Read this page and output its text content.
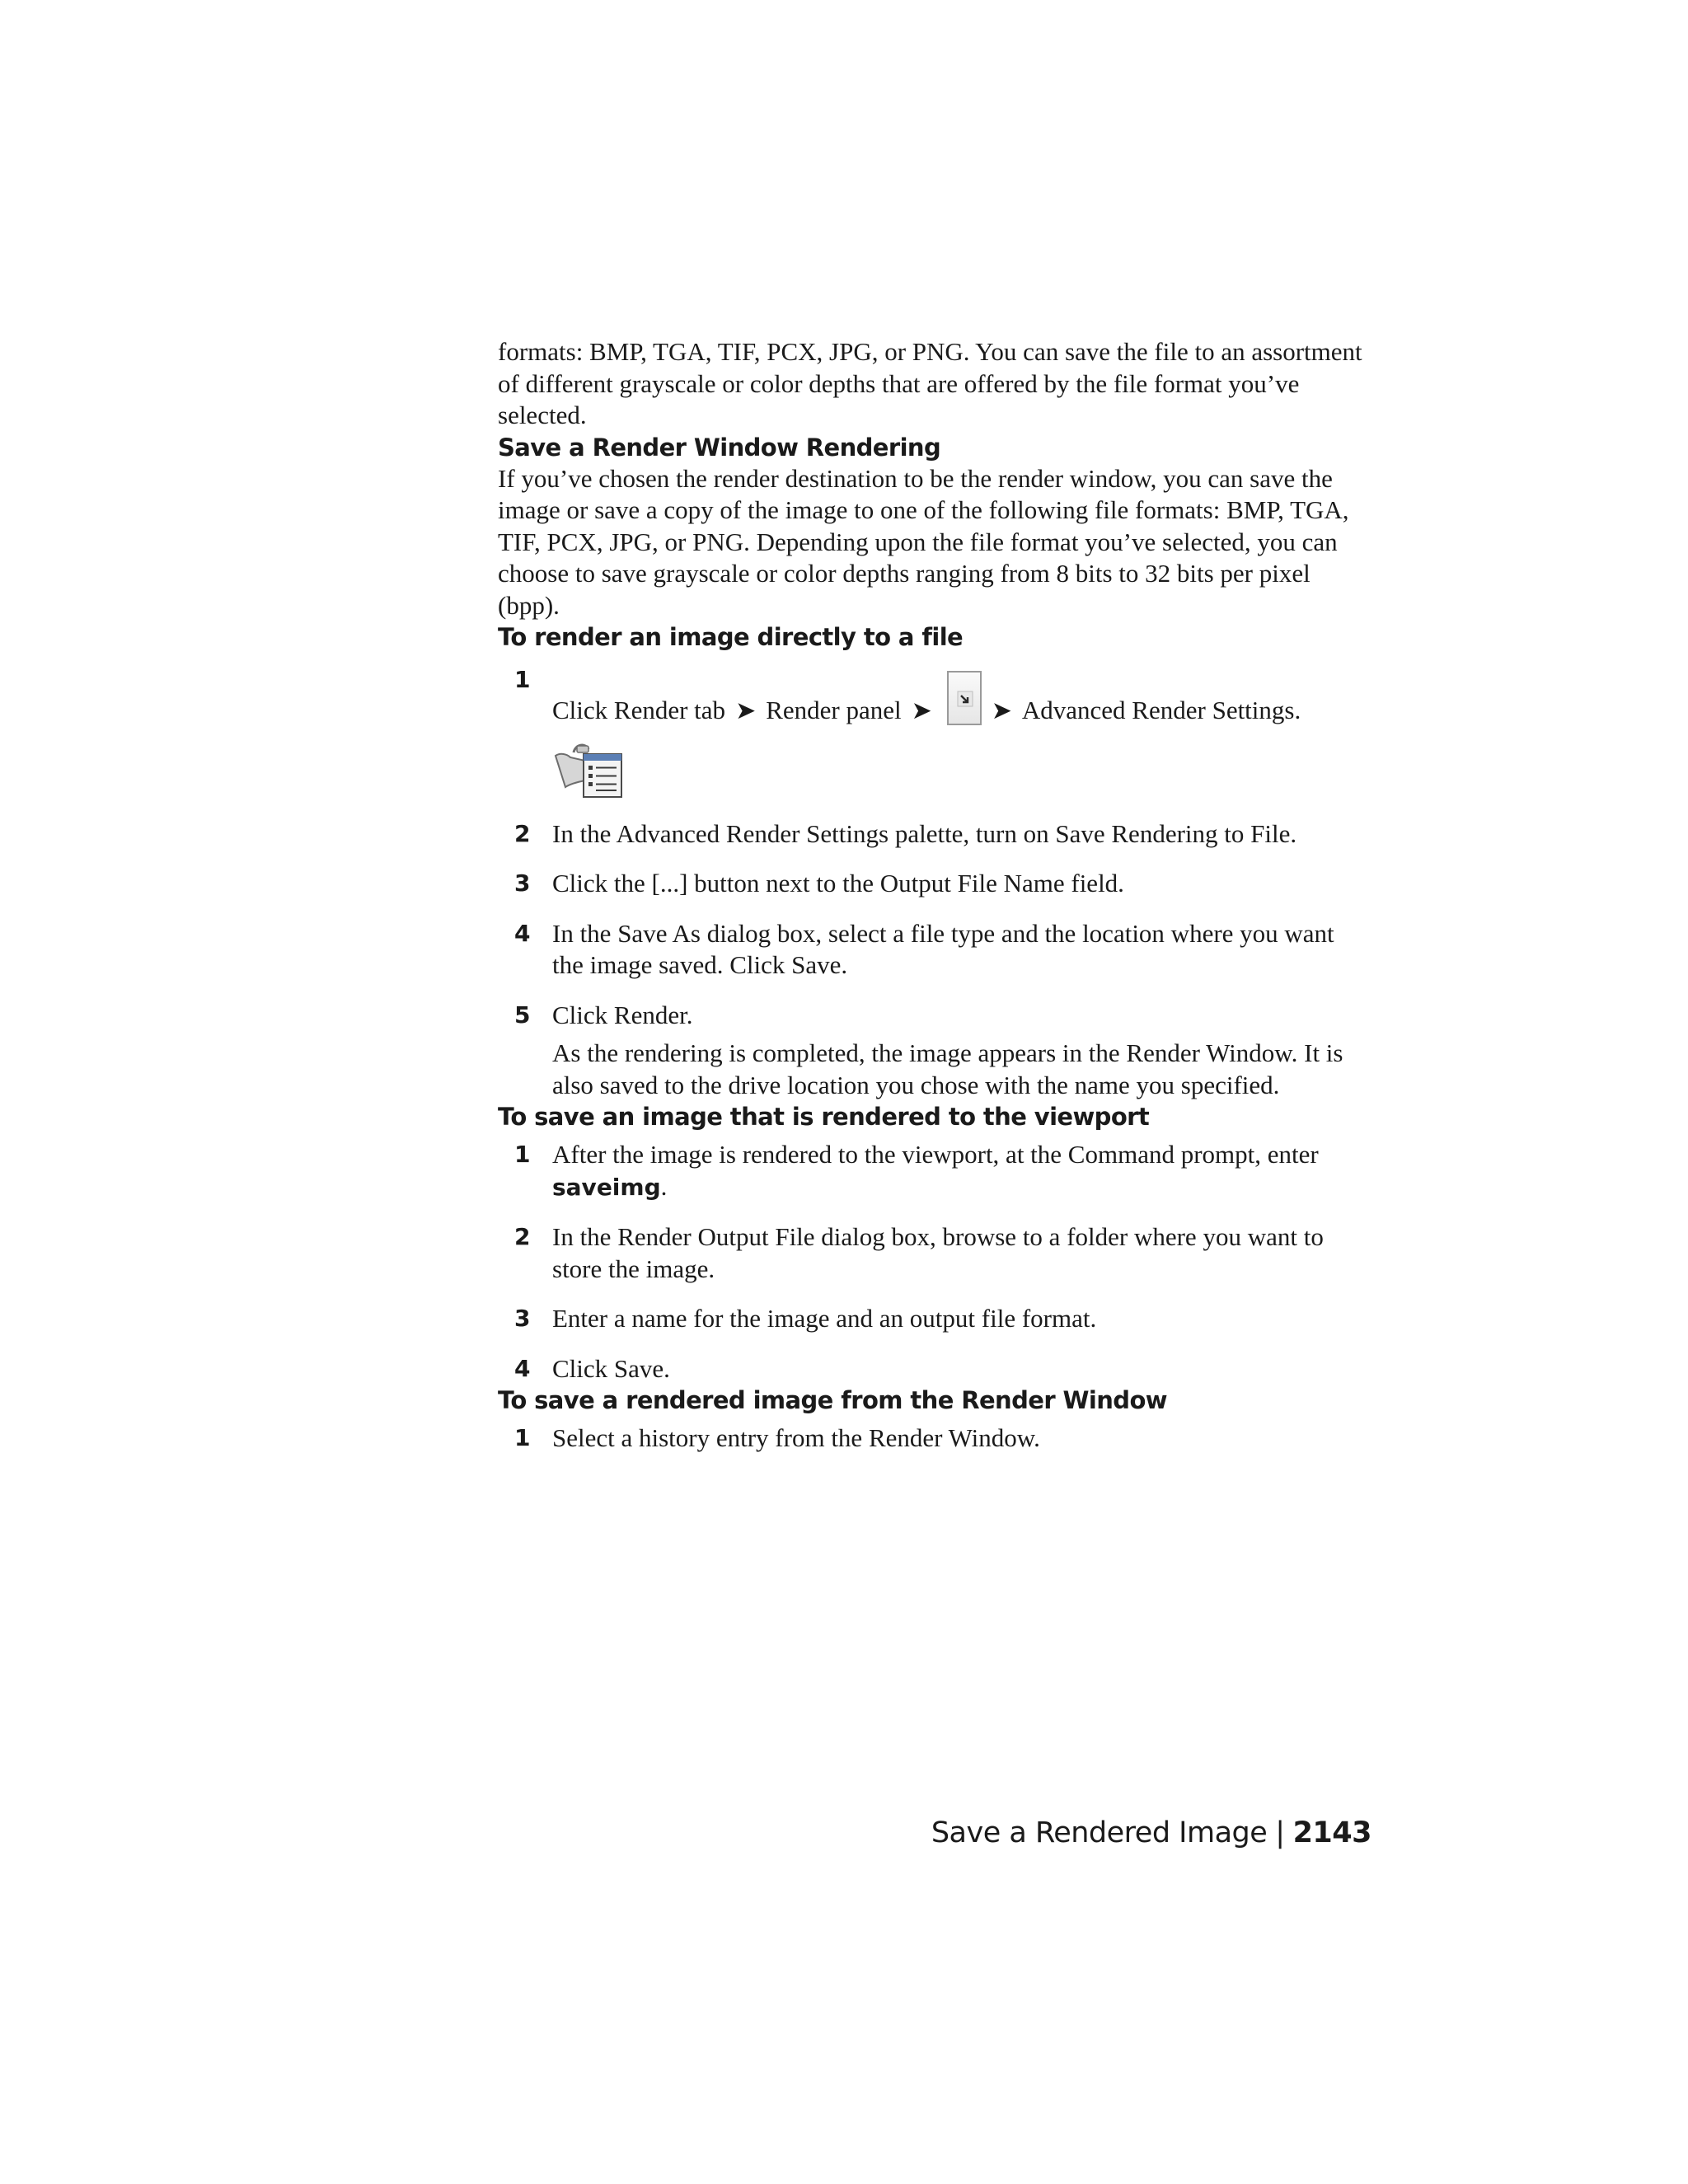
formats: BMP, TGA, TIF, PCX, JPG, or PNG. You can save the file to an assortment of different grayscale or color depths that are offered by the file format you’ve selected.

Save a Render Window Rendering

If you’ve chosen the render destination to be the render window, you can save the image or save a copy of the image to one of the following file formats: BMP, TGA, TIF, PCX, JPG, or PNG. Depending upon the file format you’ve selected, you can choose to save grayscale or color depths ranging from 8 bits to 32 bits per pixel (bpp).

To render an image directly to a file
1
Click Render tab ➤ Render panel ➤ ➤ Advanced Render Settings.
2 In the Advanced Render Settings palette, turn on Save Rendering to File.
3 Click the [...] button next to the Output File Name field.
4 In the Save As dialog box, select a file type and the location where you want the image saved. Click Save.
5 Click Render.
As the rendering is completed, the image appears in the Render Window. It is also saved to the drive location you chose with the name you specified.
To save an image that is rendered to the viewport
1 After the image is rendered to the viewport, at the Command prompt, enter saveimg.
2 In the Render Output File dialog box, browse to a folder where you want to store the image.
3 Enter a name for the image and an output file format.
4 Click Save.
To save a rendered image from the Render Window
1 Select a history entry from the Render Window.
Save a Rendered Image | 2143
